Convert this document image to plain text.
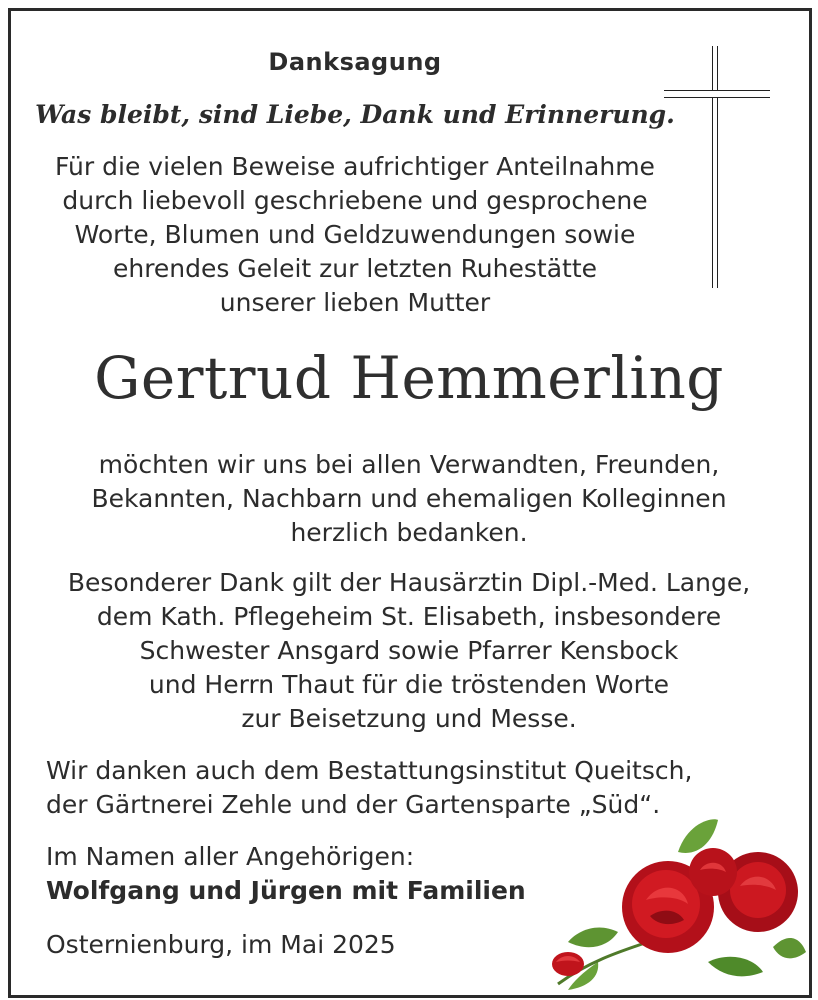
Danksagung
Was bleibt, sind Liebe, Dank und Erinnerung.
Für die vielen Beweise aufrichtiger Anteilnahme
durch liebevoll geschriebene und gesprochene
Worte, Blumen und Geldzuwendungen sowie
ehrendes Geleit zur letzten Ruhestätte
unserer lieben Mutter
Gertrud Hemmerling
möchten wir uns bei allen Verwandten, Freunden,
Bekannten, Nachbarn und ehemaligen Kolleginnen
herzlich bedanken.
Besonderer Dank gilt der Hausärztin Dipl.-Med. Lange,
dem Kath. Pflegeheim St. Elisabeth, insbesondere
Schwester Ansgard sowie Pfarrer Kensbock
und Herrn Thaut für die tröstenden Worte
zur Beisetzung und Messe.
Wir danken auch dem Bestattungsinstitut Queitsch,
der Gärtnerei Zehle und der Gartensparte „Süd“.
Im Namen aller Angehörigen:
Wolfgang und Jürgen mit Familien
Osternienburg, im Mai 2025
